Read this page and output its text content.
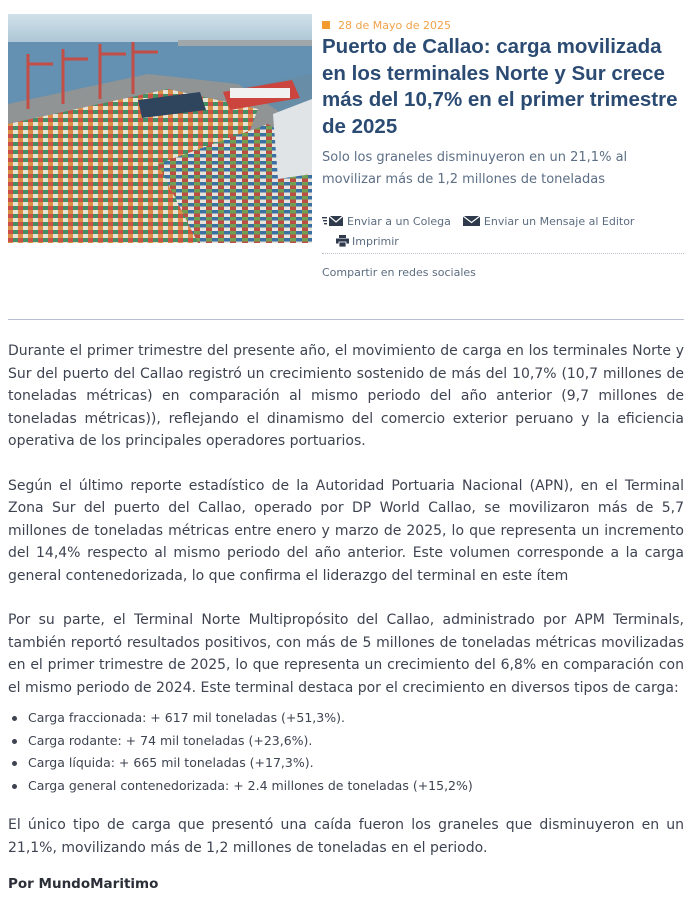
28 de Mayo de 2025
Puerto de Callao: carga movilizada en los terminales Norte y Sur crece más del 10,7% en el primer trimestre de 2025

Solo los graneles disminuyeron en un 21,1% al movilizar más de 1,2 millones de toneladas

Enviar a un Colega	Enviar un Mensaje al Editor
Imprimir
Compartir en redes sociales

Durante el primer trimestre del presente año, el movimiento de carga en los terminales Norte y Sur del puerto del Callao registró un crecimiento sostenido de más del 10,7% (10,7 millones de toneladas métricas) en comparación al mismo periodo del año anterior (9,7 millones de toneladas métricas)), reflejando el dinamismo del comercio exterior peruano y la eficiencia operativa de los principales operadores portuarios.

Según el último reporte estadístico de la Autoridad Portuaria Nacional (APN), en el Terminal Zona Sur del puerto del Callao, operado por DP World Callao, se movilizaron más de 5,7 millones de toneladas métricas entre enero y marzo de 2025, lo que representa un incremento del 14,4% respecto al mismo periodo del año anterior. Este volumen corresponde a la carga general contenedorizada, lo que confirma el liderazgo del terminal en este ítem

Por su parte, el Terminal Norte Multipropósito del Callao, administrado por APM Terminals, también reportó resultados positivos, con más de 5 millones de toneladas métricas movilizadas en el primer trimestre de 2025, lo que representa un crecimiento del 6,8% en comparación con el mismo periodo de 2024. Este terminal destaca por el crecimiento en diversos tipos de carga:

Carga fraccionada: + 617 mil toneladas (+51,3%).
Carga rodante: + 74 mil toneladas (+23,6%).
Carga líquida: + 665 mil toneladas (+17,3%).
Carga general contenedorizada: + 2.4 millones de toneladas (+15,2%)

El único tipo de carga que presentó una caída fueron los graneles que disminuyeron en un 21,1%, movilizando más de 1,2 millones de toneladas en el periodo.

Por MundoMaritimo
